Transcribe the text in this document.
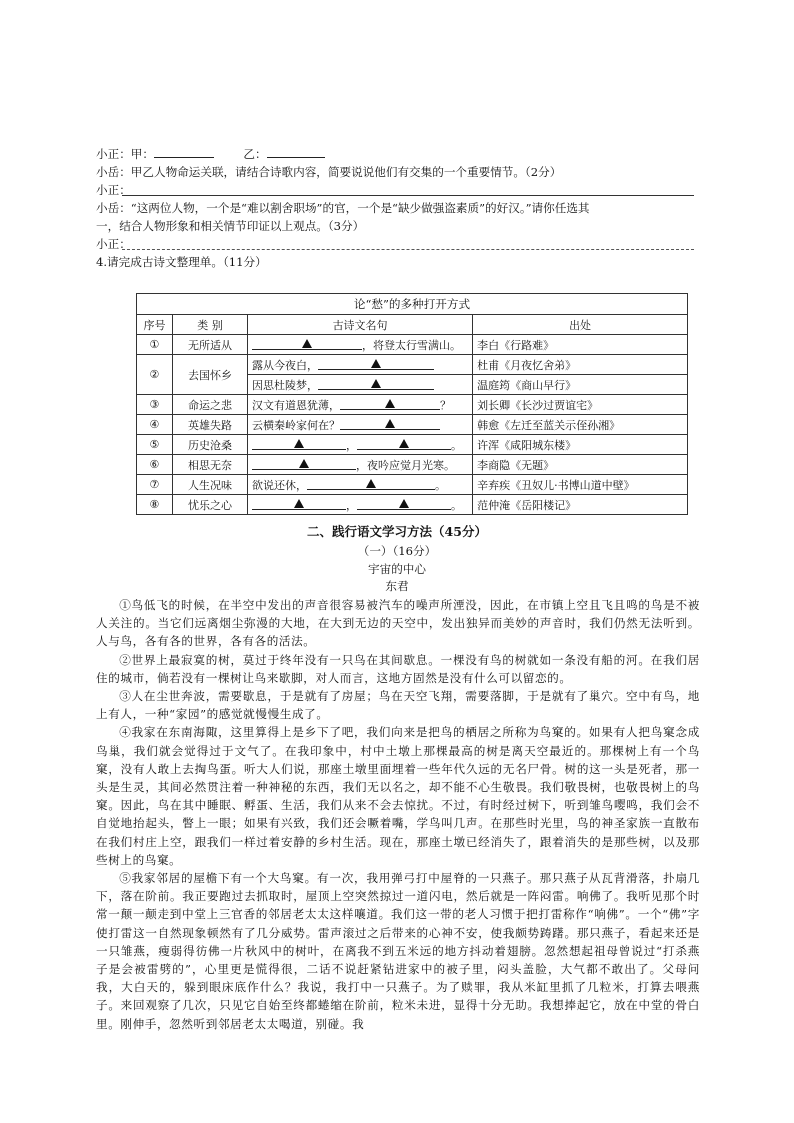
小正：甲：	乙：
小岳：甲乙人物命运关联，请结合诗歌内容，简要说说他们有交集的一个重要情节。（2分）
小正：
小岳：“这两位人物，一个是“难以割舍职场”的官，一个是“缺少做强盗素质”的好汉。”请你任选其
一，结合人物形象和相关情节印证以上观点。（3分）
小正：
4.请完成古诗文整理单。（11分）
论“愁”的多种打开方式			
序号	类 别	古诗文名句	出处
①	无所适从	，将登太行雪满山。	李白《行路难》
②	去国怀乡	露从今夜白，	杜甫《月夜忆舍弟》
		因思杜陵梦，	温庭筠《商山早行》
③	命运之悲	汉文有道恩犹薄， ？	刘长卿《长沙过贾谊宅》
④	英雄失路	云横秦岭家何在？	韩愈《左迁至蓝关示侄孙湘》
⑤	历史沧桑	， 。	许浑《咸阳城东楼》
⑥	相思无奈	，夜吟应觉月光寒。	李商隐《无题》
⑦	人生况味	欲说还休， 。	辛弃疾《丑奴儿·书博山道中壁》
⑧	忧乐之心	， 。	范仲淹《岳阳楼记》
二、践行语文学习方法（45分）
（一）（16分）
宇宙的中心
东君

①鸟低飞的时候，在半空中发出的声音很容易被汽车的噪声所湮没，因此，在市镇上空且飞且鸣的鸟是不被人关注的。当它们远离烟尘弥漫的大地，在大到无边的天空中，发出独异而美妙的声音时，我们仍然无法听到。人与鸟，各有各的世界，各有各的活法。

②世界上最寂寞的树，莫过于终年没有一只鸟在其间歇息。一棵没有鸟的树就如一条没有船的河。在我们居住的城市，倘若没有一棵树让鸟来歇脚，对人而言，这地方固然是没有什么可以留恋的。

③人在尘世奔波，需要歇息，于是就有了房屋；鸟在天空飞翔，需要落脚，于是就有了巢穴。空中有鸟，地上有人，一种“家园”的感觉就慢慢生成了。

④我家在东南海陬，这里算得上是乡下了吧，我们向来是把鸟的栖居之所称为鸟窠的。如果有人把鸟窠念成鸟巢，我们就会觉得过于文气了。在我印象中，村中土墩上那棵最高的树是离天空最近的。那棵树上有一个鸟窠，没有人敢上去掏鸟蛋。听大人们说，那座土墩里面埋着一些年代久远的无名尸骨。树的这一头是死者，那一头是生灵，其间必然贯注着一种神秘的东西，我们无以名之，却不能不心生敬畏。我们敬畏树，也敬畏树上的鸟窠。因此，鸟在其中睡眠、孵蛋、生活，我们从来不会去惊扰。不过，有时经过树下，听到雏鸟嘤鸣，我们会不自觉地抬起头，瞥上一眼；如果有兴致，我们还会噘着嘴，学鸟叫几声。在那些时光里，鸟的神圣家族一直散布在我们村庄上空，跟我们一样过着安静的乡村生活。现在，那座土墩已经消失了，跟着消失的是那些树，以及那些树上的鸟窠。

⑤我家邻居的屋檐下有一个大鸟窠。有一次，我用弹弓打中屋脊的一只燕子。那只燕子从瓦背滑落，扑扇几下，落在阶前。我正要跑过去抓取时，屋顶上空突然掠过一道闪电，然后就是一阵闷雷。响佛了。我听见那个时常一颠一颠走到中堂上三官香的邻居老太太这样嚷道。我们这一带的老人习惯于把打雷称作“响佛”。一个“佛”字使打雷这一自然现象顿然有了几分威势。雷声滚过之后带来的心神不安，使我颇势踌躇。那只燕子，看起来还是一只雏燕，瘦弱得彷佛一片秋风中的树叶，在离我不到五米远的地方抖动着翅膀。忽然想起祖母曾说过“打杀燕子是会被雷劈的”，心里更是慌得很，二话不说赶紧钻进家中的被子里，闷头盖脸，大气都不敢出了。父母问我，大白天的，躲到眼床底作什么？我说，我打中一只燕子。为了赎罪，我从米缸里抓了几粒米，打算去喂燕子。来回观察了几次，只见它自始至终都蜷缩在阶前，粒米未进，显得十分无助。我想捧起它，放在中堂的骨白里。刚伸手，忽然听到邻居老太太喝道，别碰。我
